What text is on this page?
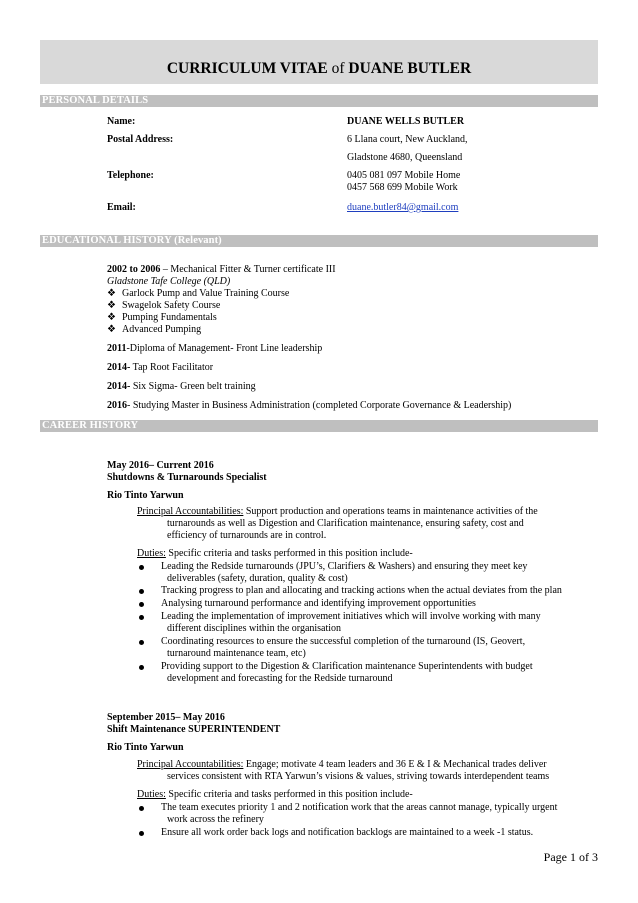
CURRICULUM VITAE of DUANE BUTLER
PERSONAL DETAILS
Name:	DUANE WELLS BUTLER
Postal Address:	6 Llana court, New Auckland,
Gladstone 4680, Queensland
Telephone:	0405 081 097 Mobile Home
0457 568 699 Mobile Work
Email:	duane.butler84@gmail.com
EDUCATIONAL HISTORY (Relevant)
2002 to 2006 – Mechanical Fitter & Turner certificate III
Gladstone Tafe College (QLD)
❖ Garlock Pump and Value Training Course
❖ Swagelok Safety Course
❖ Pumping Fundamentals
❖ Advanced Pumping
2011-Diploma of Management- Front Line leadership
2014- Tap Root Facilitator
2014- Six Sigma- Green belt training
2016- Studying Master in Business Administration (completed Corporate Governance & Leadership)
CAREER HISTORY
May 2016– Current 2016
Shutdowns & Turnarounds Specialist
Rio Tinto Yarwun
Principal Accountabilities: Support production and operations teams in maintenance activities of the
turnarounds as well as Digestion and Clarification maintenance, ensuring safety, cost and
efficiency of turnarounds are in control.
Duties: Specific criteria and tasks performed in this position include-
Leading the Redside turnarounds (JPU’s, Clarifiers & Washers) and ensuring they meet key
deliverables (safety, duration, quality & cost)
Tracking progress to plan and allocating and tracking actions when the actual deviates from the plan
Analysing turnaround performance and identifying improvement opportunities
Leading the implementation of improvement initiatives which will involve working with many
different disciplines within the organisation
Coordinating resources to ensure the successful completion of the turnaround (IS, Geovert,
turnaround maintenance team, etc)
Providing support to the Digestion & Clarification maintenance Superintendents with budget
development and forecasting for the Redside turnaround
September 2015– May 2016
Shift Maintenance SUPERINTENDENT
Rio Tinto Yarwun
Principal Accountabilities: Engage; motivate 4 team leaders and 36 E & I & Mechanical trades deliver
services consistent with RTA Yarwun’s visions & values, striving towards interdependent teams
Duties: Specific criteria and tasks performed in this position include-
The team executes priority 1 and 2 notification work that the areas cannot manage, typically urgent
work across the refinery
Ensure all work order back logs and notification backlogs are maintained to a week -1 status.
Page 1 of 3
